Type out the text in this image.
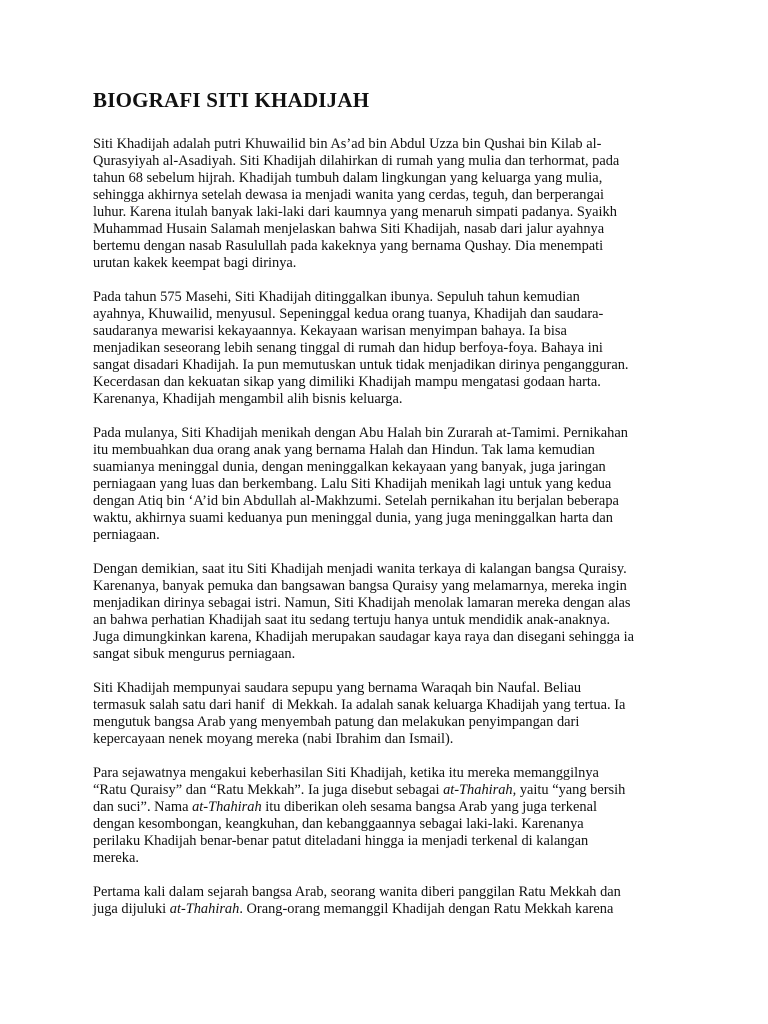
BIOGRAFI SITI KHADIJAH
Siti Khadijah adalah putri Khuwailid bin As’ad bin Abdul Uzza bin Qushai bin Kilab al-
Qurasyiyah al-Asadiyah. Siti Khadijah dilahirkan di rumah yang mulia dan terhormat, pada
tahun 68 sebelum hijrah. Khadijah tumbuh dalam lingkungan yang keluarga yang mulia,
sehingga akhirnya setelah dewasa ia menjadi wanita yang cerdas, teguh, dan berperangai
luhur. Karena itulah banyak laki-laki dari kaumnya yang menaruh simpati padanya. Syaikh
Muhammad Husain Salamah menjelaskan bahwa Siti Khadijah, nasab dari jalur ayahnya
bertemu dengan nasab Rasulullah pada kakeknya yang bernama Qushay. Dia menempati
urutan kakek keempat bagi dirinya.
Pada tahun 575 Masehi, Siti Khadijah ditinggalkan ibunya. Sepuluh tahun kemudian
ayahnya, Khuwailid, menyusul. Sepeninggal kedua orang tuanya, Khadijah dan saudara-
saudaranya mewarisi kekayaannya. Kekayaan warisan menyimpan bahaya. Ia bisa
menjadikan seseorang lebih senang tinggal di rumah dan hidup berfoya-foya. Bahaya ini
sangat disadari Khadijah. Ia pun memutuskan untuk tidak menjadikan dirinya pengangguran.
Kecerdasan dan kekuatan sikap yang dimiliki Khadijah mampu mengatasi godaan harta.
Karenanya, Khadijah mengambil alih bisnis keluarga.
Pada mulanya, Siti Khadijah menikah dengan Abu Halah bin Zurarah at-Tamimi. Pernikahan
itu membuahkan dua orang anak yang bernama Halah dan Hindun. Tak lama kemudian
suamianya meninggal dunia, dengan meninggalkan kekayaan yang banyak, juga jaringan
perniagaan yang luas dan berkembang. Lalu Siti Khadijah menikah lagi untuk yang kedua
dengan Atiq bin ‘A’id bin Abdullah al-Makhzumi. Setelah pernikahan itu berjalan beberapa
waktu, akhirnya suami keduanya pun meninggal dunia, yang juga meninggalkan harta dan
perniagaan.
Dengan demikian, saat itu Siti Khadijah menjadi wanita terkaya di kalangan bangsa Quraisy.
Karenanya, banyak pemuka dan bangsawan bangsa Quraisy yang melamarnya, mereka ingin
menjadikan dirinya sebagai istri. Namun, Siti Khadijah menolak lamaran mereka dengan alas
an bahwa perhatian Khadijah saat itu sedang tertuju hanya untuk mendidik anak-anaknya.
Juga dimungkinkan karena, Khadijah merupakan saudagar kaya raya dan disegani sehingga ia
sangat sibuk mengurus perniagaan.
Siti Khadijah mempunyai saudara sepupu yang bernama Waraqah bin Naufal. Beliau
termasuk salah satu dari hanif  di Mekkah. Ia adalah sanak keluarga Khadijah yang tertua. Ia
mengutuk bangsa Arab yang menyembah patung dan melakukan penyimpangan dari
kepercayaan nenek moyang mereka (nabi Ibrahim dan Ismail).
Para sejawatnya mengakui keberhasilan Siti Khadijah, ketika itu mereka memanggilnya
“Ratu Quraisy” dan “Ratu Mekkah”. Ia juga disebut sebagai at-Thahirah, yaitu “yang bersih
dan suci”. Nama at-Thahirah itu diberikan oleh sesama bangsa Arab yang juga terkenal
dengan kesombongan, keangkuhan, dan kebanggaannya sebagai laki-laki. Karenanya
perilaku Khadijah benar-benar patut diteladani hingga ia menjadi terkenal di kalangan
mereka.
Pertama kali dalam sejarah bangsa Arab, seorang wanita diberi panggilan Ratu Mekkah dan
juga dijuluki at-Thahirah. Orang-orang memanggil Khadijah dengan Ratu Mekkah karena
